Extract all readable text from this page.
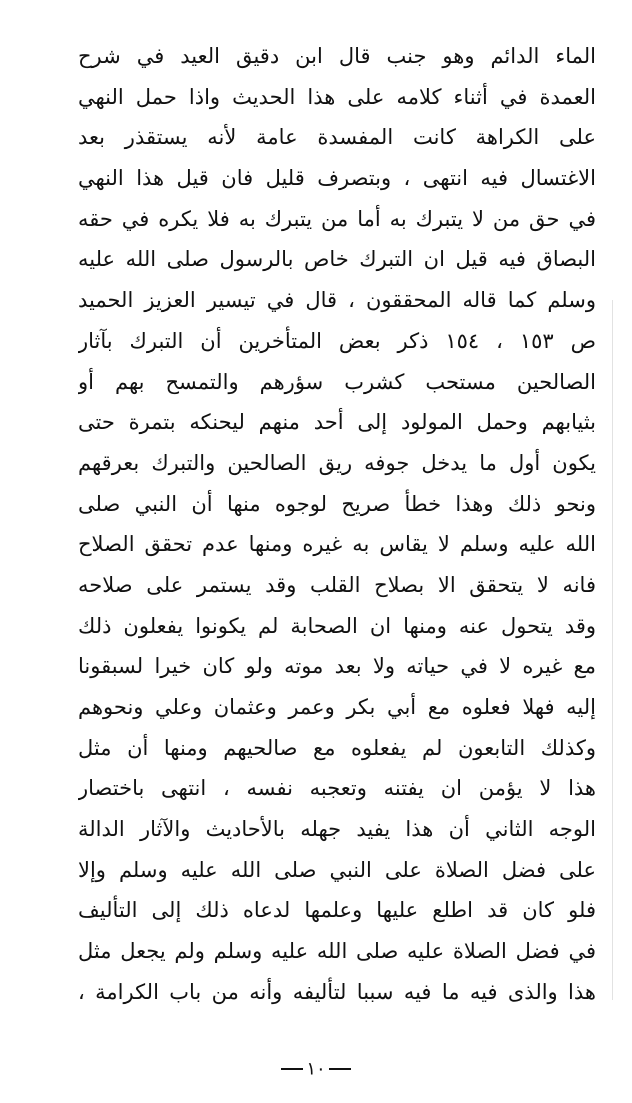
الماء الدائم وهو جنب قال ابن دقيق العيد في شرح
العمدة في أثناء كلامه على هذا الحديث واذا حمل النهي
على الكراهة كانت المفسدة عامة لأنه يستقذر بعد
الاغتسال فيه انتهى ، وبتصرف قليل فان قيل هذا النهي
في حق من لا يتبرك به أما من يتبرك به فلا يكره في حقه
البصاق فيه قيل ان التبرك خاص بالرسول صلى الله عليه
وسلم كما قاله المحققون ، قال في تيسير العزيز الحميد
ص ١٥٣ ، ١٥٤ ذكر بعض المتأخرين أن التبرك بآثار
الصالحين مستحب كشرب سؤرهم والتمسح بهم أو
بثيابهم وحمل المولود إلى أحد منهم ليحنكه بتمرة حتى
يكون أول ما يدخل جوفه ريق الصالحين والتبرك بعرقهم
ونحو ذلك وهذا خطأ صريح لوجوه منها أن النبي صلى
الله عليه وسلم لا يقاس به غيره ومنها عدم تحقق الصلاح
فانه لا يتحقق الا بصلاح القلب وقد يستمر على صلاحه
وقد يتحول عنه ومنها ان الصحابة لم يكونوا يفعلون ذلك
مع غيره لا في حياته ولا بعد موته ولو كان خيرا لسبقونا
إليه فهلا فعلوه مع أبي بكر وعمر وعثمان وعلي ونحوهم
وكذلك التابعون لم يفعلوه مع صالحيهم ومنها أن مثل
هذا لا يؤمن ان يفتنه وتعجبه نفسه ، انتهى باختصار
الوجه الثاني أن هذا يفيد جهله بالأحاديث والآثار الدالة
على فضل الصلاة على النبي صلى الله عليه وسلم وإلا
فلو كان قد اطلع عليها وعلمها لدعاه ذلك إلى التأليف
في فضل الصلاة عليه صلى الله عليه وسلم ولم يجعل مثل
هذا والذى فيه ما فيه سببا لتأليفه وأنه من باب الكرامة ،
١٠
